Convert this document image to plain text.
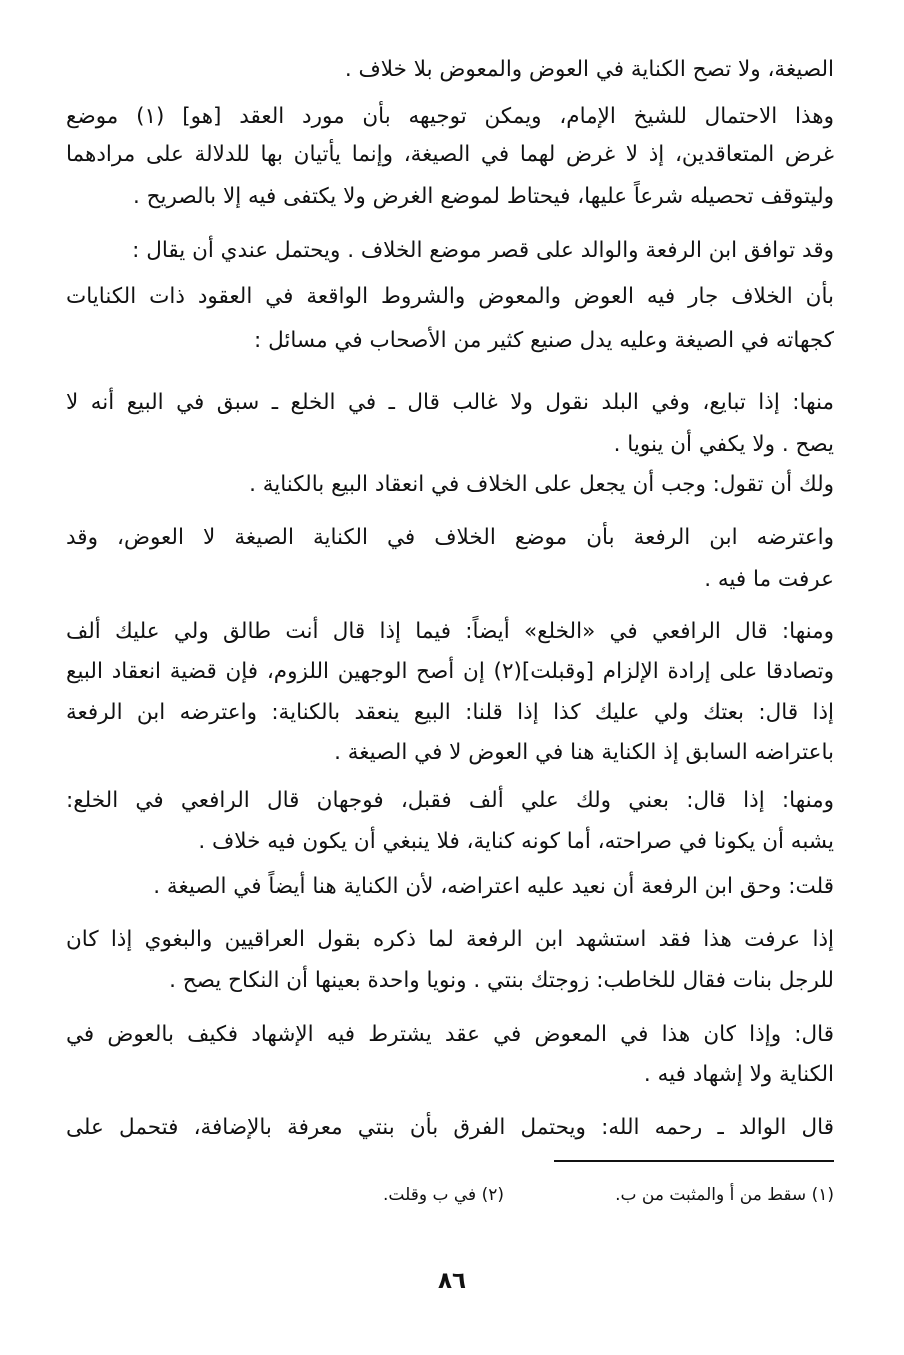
الصيغة، ولا تصح الكناية في العوض والمعوض بلا خلاف .
وهذا الاحتمال للشيخ الإمام، ويمكن توجيهه بأن مورد العقد [هو] (١) موضع
غرض المتعاقدين، إذ لا غرض لهما في الصيغة، وإنما يأتيان بها للدلالة على مرادهما
وليتوقف تحصيله شرعاً عليها، فيحتاط لموضع الغرض ولا يكتفى فيه إلا بالصريح .
وقد توافق ابن الرفعة والوالد على قصر موضع الخلاف . ويحتمل عندي أن يقال :
بأن الخلاف جار فيه العوض والمعوض والشروط الواقعة في العقود ذات الكنايات
كجهاته في الصيغة وعليه يدل صنيع كثير من الأصحاب في مسائل :
منها: إذا تبايع، وفي البلد نقول ولا غالب قال ـ في الخلع ـ سبق في البيع أنه لا
يصح . ولا يكفي أن ينويا .
ولك أن تقول: وجب أن يجعل على الخلاف في انعقاد البيع بالكناية .
واعترضه ابن الرفعة بأن موضع الخلاف في الكناية الصيغة لا العوض، وقد
عرفت ما فيه .
ومنها: قال الرافعي في «الخلع» أيضاً: فيما إذا قال أنت طالق ولي عليك ألف
وتصادقا على إرادة الإلزام [وقبلت](٢) إن أصح الوجهين اللزوم، فإن قضية انعقاد البيع
إذا قال: بعتك ولي عليك كذا إذا قلنا: البيع ينعقد بالكناية: واعترضه ابن الرفعة
باعتراضه السابق إذ الكناية هنا في العوض لا في الصيغة .
ومنها: إذا قال: بعني ولك علي ألف فقبل، فوجهان قال الرافعي في الخلع:
يشبه أن يكونا في صراحته، أما كونه كناية، فلا ينبغي أن يكون فيه خلاف .
قلت: وحق ابن الرفعة أن نعيد عليه اعتراضه، لأن الكناية هنا أيضاً في الصيغة .
إذا عرفت هذا فقد استشهد ابن الرفعة لما ذكره بقول العراقيين والبغوي إذا كان
للرجل بنات فقال للخاطب: زوجتك بنتي . ونويا واحدة بعينها أن النكاح يصح .
قال: وإذا كان هذا في المعوض في عقد يشترط فيه الإشهاد فكيف بالعوض في
الكناية ولا إشهاد فيه .
قال الوالد ـ رحمه الله: ويحتمل الفرق بأن بنتي معرفة بالإضافة، فتحمل على
(١) سقط من أ والمثبت من ب.
(٢) في ب وقلت.
٨٦
